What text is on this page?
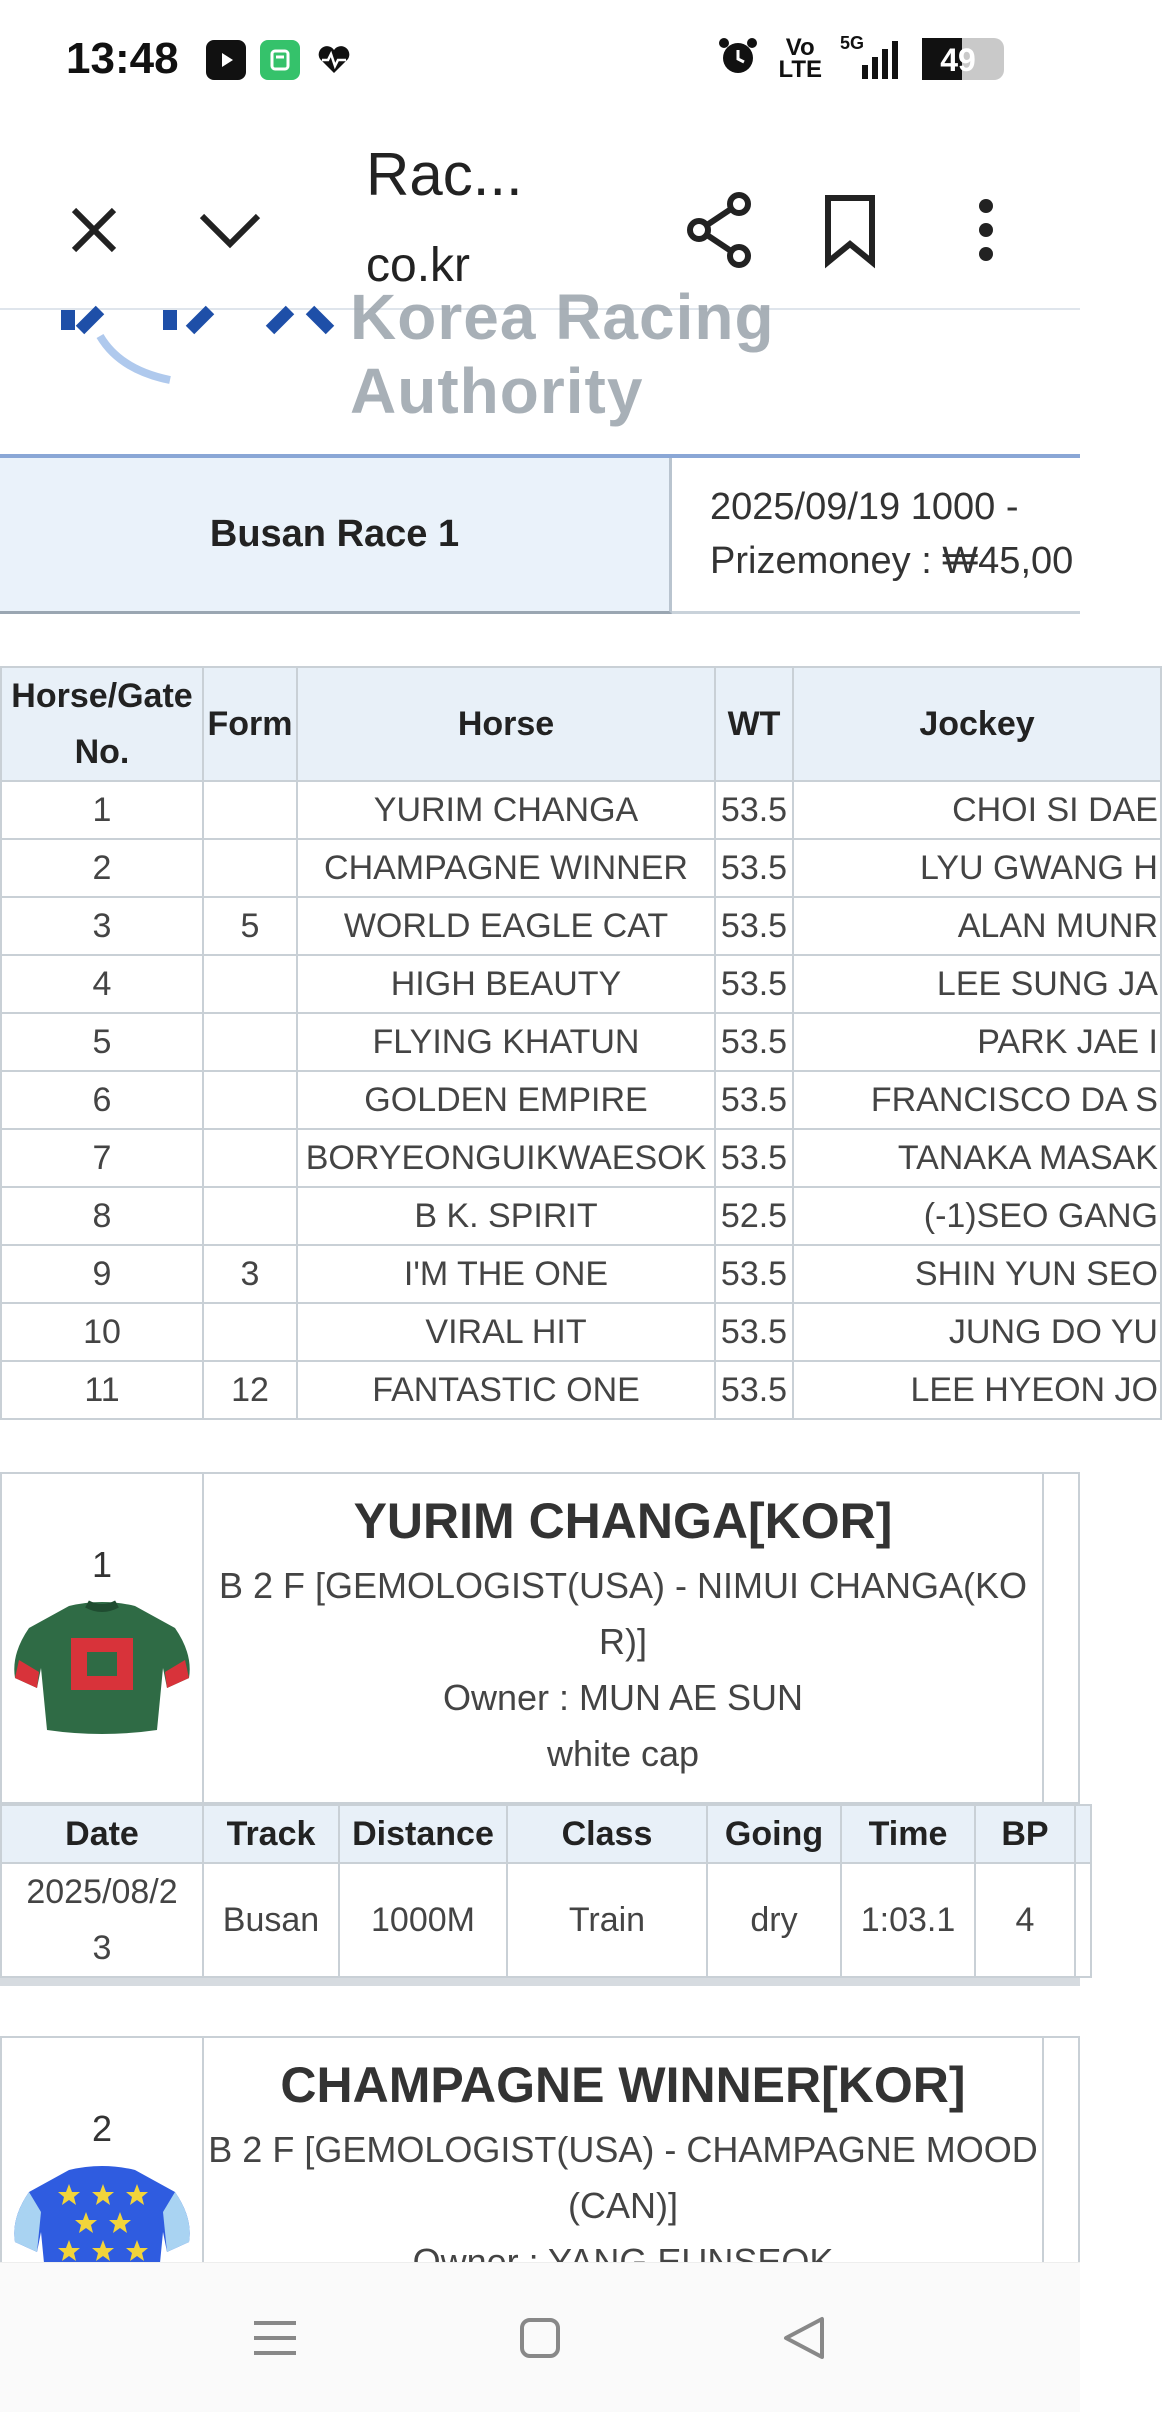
13:48	Vo
LTE
5G	49
Rac...
co.kr
Korea Racing Authority
Busan Race 1
2025/09/19 1000 -
Prizemoney : ₩45,00
Horse/Gate No.	Form	Horse	WT	Jockey
1		YURIM CHANGA	53.5	CHOI SI DAE
2		CHAMPAGNE WINNER	53.5	LYU GWANG H
3	5	WORLD EAGLE CAT	53.5	ALAN MUNR
4		HIGH BEAUTY	53.5	LEE SUNG JA
5		FLYING KHATUN	53.5	PARK JAE I
6		GOLDEN EMPIRE	53.5	FRANCISCO DA S
7		BORYEONGUIKWAESOK	53.5	TANAKA MASAK
8		B K. SPIRIT	52.5	(-1)SEO GANG
9	3	I'M THE ONE	53.5	SHIN YUN SEO
10		VIRAL HIT	53.5	JUNG DO YU
11	12	FANTASTIC ONE	53.5	LEE HYEON JO
1
YURIM CHANGA[KOR]
B 2 F [GEMOLOGIST(USA) - NIMUI CHANGA(KO
R)]
Owner : MUN AE SUN
white cap
Date	Track	Distance	Class	Going	Time	BP	

2025/08/2
3	Busan	1000M	Train	dry	1:03.1	4	
2
CHAMPAGNE WINNER[KOR]
B 2 F [GEMOLOGIST(USA) - CHAMPAGNE MOOD
(CAN)]
